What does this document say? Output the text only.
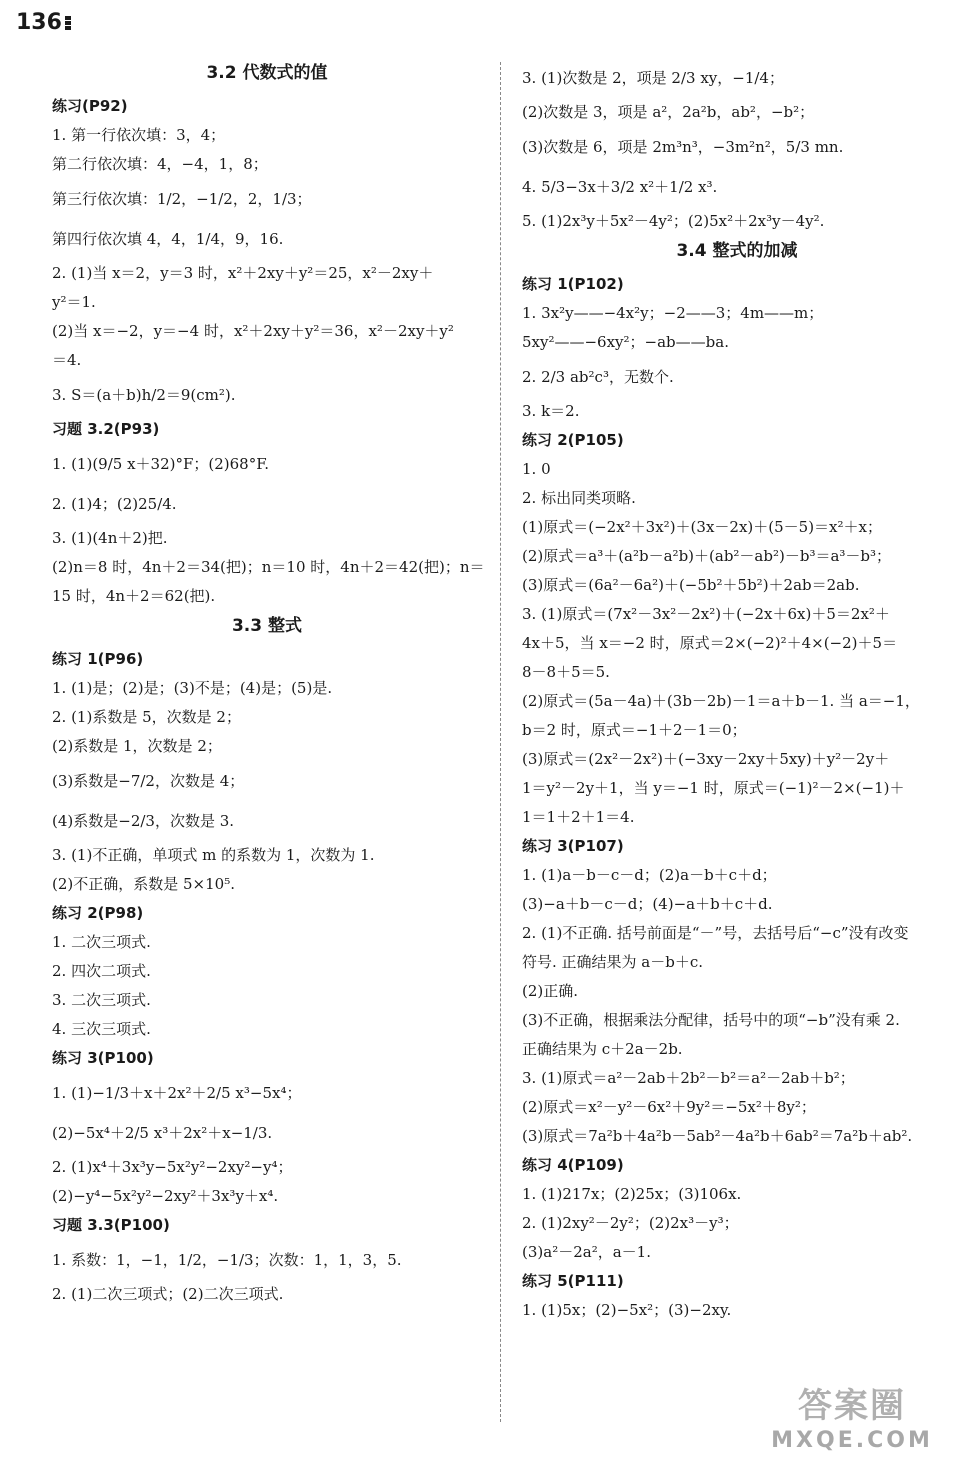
136
3.2 代数式的值
练习(P92)
1. 第一行依次填：3，4；
第二行依次填：4，−4，1，8；
第三行依次填：1/2，−1/2，2，1/3；
第四行依次填 4，4，1/4，9，16.
2. (1)当 x＝2，y＝3 时，x²＋2xy＋y²＝25，x²－2xy＋
y²＝1.
(2)当 x＝−2，y＝−4 时，x²＋2xy＋y²＝36，x²－2xy＋y²
＝4.
3. S＝(a＋b)h/2＝9(cm²).
习题 3.2(P93)
1. (1)(9/5 x＋32)°F；(2)68°F.
2. (1)4；(2)25/4.
3. (1)(4n＋2)把.
(2)n＝8 时，4n＋2＝34(把)；n＝10 时，4n＋2＝42(把)；n＝
15 时，4n＋2＝62(把).
3.3 整式
练习 1(P96)
1. (1)是；(2)是；(3)不是；(4)是；(5)是.
2. (1)系数是 5，次数是 2；
(2)系数是 1，次数是 2；
(3)系数是−7/2，次数是 4；
(4)系数是−2/3，次数是 3.
3. (1)不正确，单项式 m 的系数为 1，次数为 1.
(2)不正确，系数是 5×10⁵.
练习 2(P98)
1. 二次三项式.
2. 四次二项式.
3. 二次三项式.
4. 三次三项式.
练习 3(P100)
1. (1)−1/3＋x＋2x²＋2/5 x³−5x⁴；
(2)−5x⁴＋2/5 x³＋2x²＋x−1/3.
2. (1)x⁴＋3x³y−5x²y²−2xy²−y⁴；
(2)−y⁴−5x²y²−2xy²＋3x³y＋x⁴.
习题 3.3(P100)
1. 系数：1，−1，1/2，−1/3；次数：1，1，3，5.
2. (1)二次三项式；(2)二次三项式.
3. (1)次数是 2，项是 2/3 xy，−1/4；
(2)次数是 3，项是 a²，2a²b，ab²，−b²；
(3)次数是 6，项是 2m³n³，−3m²n²，5/3 mn.
4. 5/3−3x＋3/2 x²＋1/2 x³.
5. (1)2x³y＋5x²－4y²；(2)5x²＋2x³y－4y².
3.4 整式的加减
练习 1(P102)
1. 3x²y——−4x²y；−2——3；4m——m；
5xy²——−6xy²；−ab——ba.
2. 2/3 ab²c³，无数个.
3. k＝2.
练习 2(P105)
1. 0
2. 标出同类项略.
(1)原式＝(−2x²＋3x²)＋(3x－2x)＋(5－5)＝x²＋x；
(2)原式＝a³＋(a²b－a²b)＋(ab²－ab²)－b³＝a³－b³；
(3)原式＝(6a²－6a²)＋(−5b²＋5b²)＋2ab＝2ab.
3. (1)原式＝(7x²－3x²－2x²)＋(−2x＋6x)＋5＝2x²＋
4x＋5，当 x＝−2 时，原式＝2×(−2)²＋4×(−2)＋5＝
8－8＋5＝5.
(2)原式＝(5a－4a)＋(3b－2b)－1＝a＋b－1. 当 a＝−1，
b＝2 时，原式＝−1＋2－1＝0；
(3)原式＝(2x²－2x²)＋(−3xy－2xy＋5xy)＋y²－2y＋
1＝y²－2y＋1，当 y＝−1 时，原式＝(−1)²－2×(−1)＋
1＝1＋2＋1＝4.
练习 3(P107)
1. (1)a－b－c－d；(2)a－b＋c＋d；
(3)−a＋b－c－d；(4)−a＋b＋c＋d.
2. (1)不正确. 括号前面是“－”号，去括号后“−c”没有改变
符号. 正确结果为 a－b＋c.
(2)正确.
(3)不正确，根据乘法分配律，括号中的项“−b”没有乘 2.
正确结果为 c＋2a－2b.
3. (1)原式＝a²－2ab＋2b²－b²＝a²－2ab＋b²；
(2)原式＝x²－y²－6x²＋9y²＝−5x²＋8y²；
(3)原式＝7a²b＋4a²b－5ab²－4a²b＋6ab²＝7a²b＋ab².
练习 4(P109)
1. (1)217x；(2)25x；(3)106x.
2. (1)2xy²－2y²；(2)2x³－y³；
(3)a²－2a²，a－1.
练习 5(P111)
1. (1)5x；(2)−5x²；(3)−2xy.
答案圈
MXQE.COM
